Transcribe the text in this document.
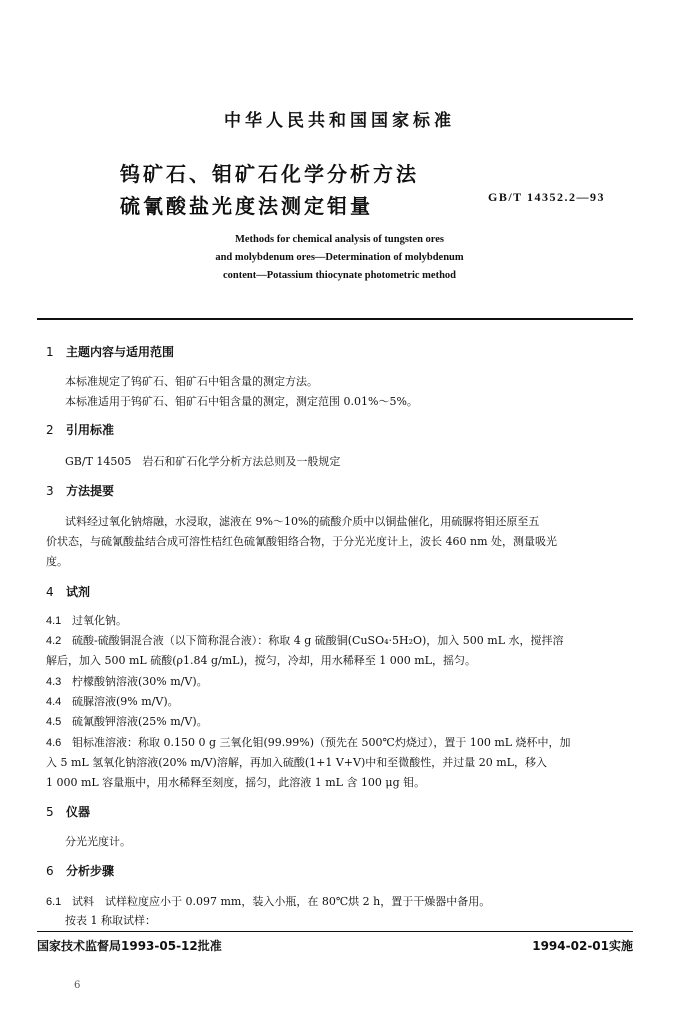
中华人民共和国国家标准
钨矿石、钼矿石化学分析方法
硫氰酸盐光度法测定钼量	GB/T 14352.2—93
Methods for chemical analysis of tungsten ores
and molybdenum ores—Determination of molybdenum
content—Potassium thiocynate photometric method
1 主题内容与适用范围
本标准规定了钨矿石、钼矿石中钼含量的测定方法。
本标准适用于钨矿石、钼矿石中钼含量的测定，测定范围 0.01%～5%。
2 引用标准
GB/T 14505　岩石和矿石化学分析方法总则及一般规定
3 方法提要
试料经过氧化钠熔融，水浸取，滤液在 9%～10%的硫酸介质中以铜盐催化，用硫脲将钼还原至五
价状态，与硫氰酸盐结合成可溶性桔红色硫氰酸钼络合物，于分光光度计上，波长 460 nm 处，测量吸光
度。
4 试剂
4.1 过氧化钠。
4.2 硫酸-硫酸铜混合液（以下简称混合液）：称取 4 g 硫酸铜(CuSO₄·5H₂O)，加入 500 mL 水，搅拌溶
解后，加入 500 mL 硫酸(ρ1.84 g/mL)，搅匀，冷却，用水稀释至 1 000 mL，摇匀。
4.3 柠檬酸钠溶液(30% m/V)。
4.4 硫脲溶液(9% m/V)。
4.5 硫氰酸钾溶液(25% m/V)。
4.6 钼标准溶液：称取 0.150 0 g 三氧化钼(99.99%)（预先在 500℃灼烧过），置于 100 mL 烧杯中，加
入 5 mL 氢氧化钠溶液(20% m/V)溶解，再加入硫酸(1+1 V+V)中和至微酸性，并过量 20 mL，移入
1 000 mL 容量瓶中，用水稀释至刻度，摇匀，此溶液 1 mL 含 100 μg 钼。
5 仪器
分光光度计。
6 分析步骤
6.1 试料　试样粒度应小于 0.097 mm，装入小瓶，在 80℃烘 2 h，置于干燥器中备用。
按表 1 称取试样：
国家技术监督局1993-05-12批准	1994-02-01实施
6
